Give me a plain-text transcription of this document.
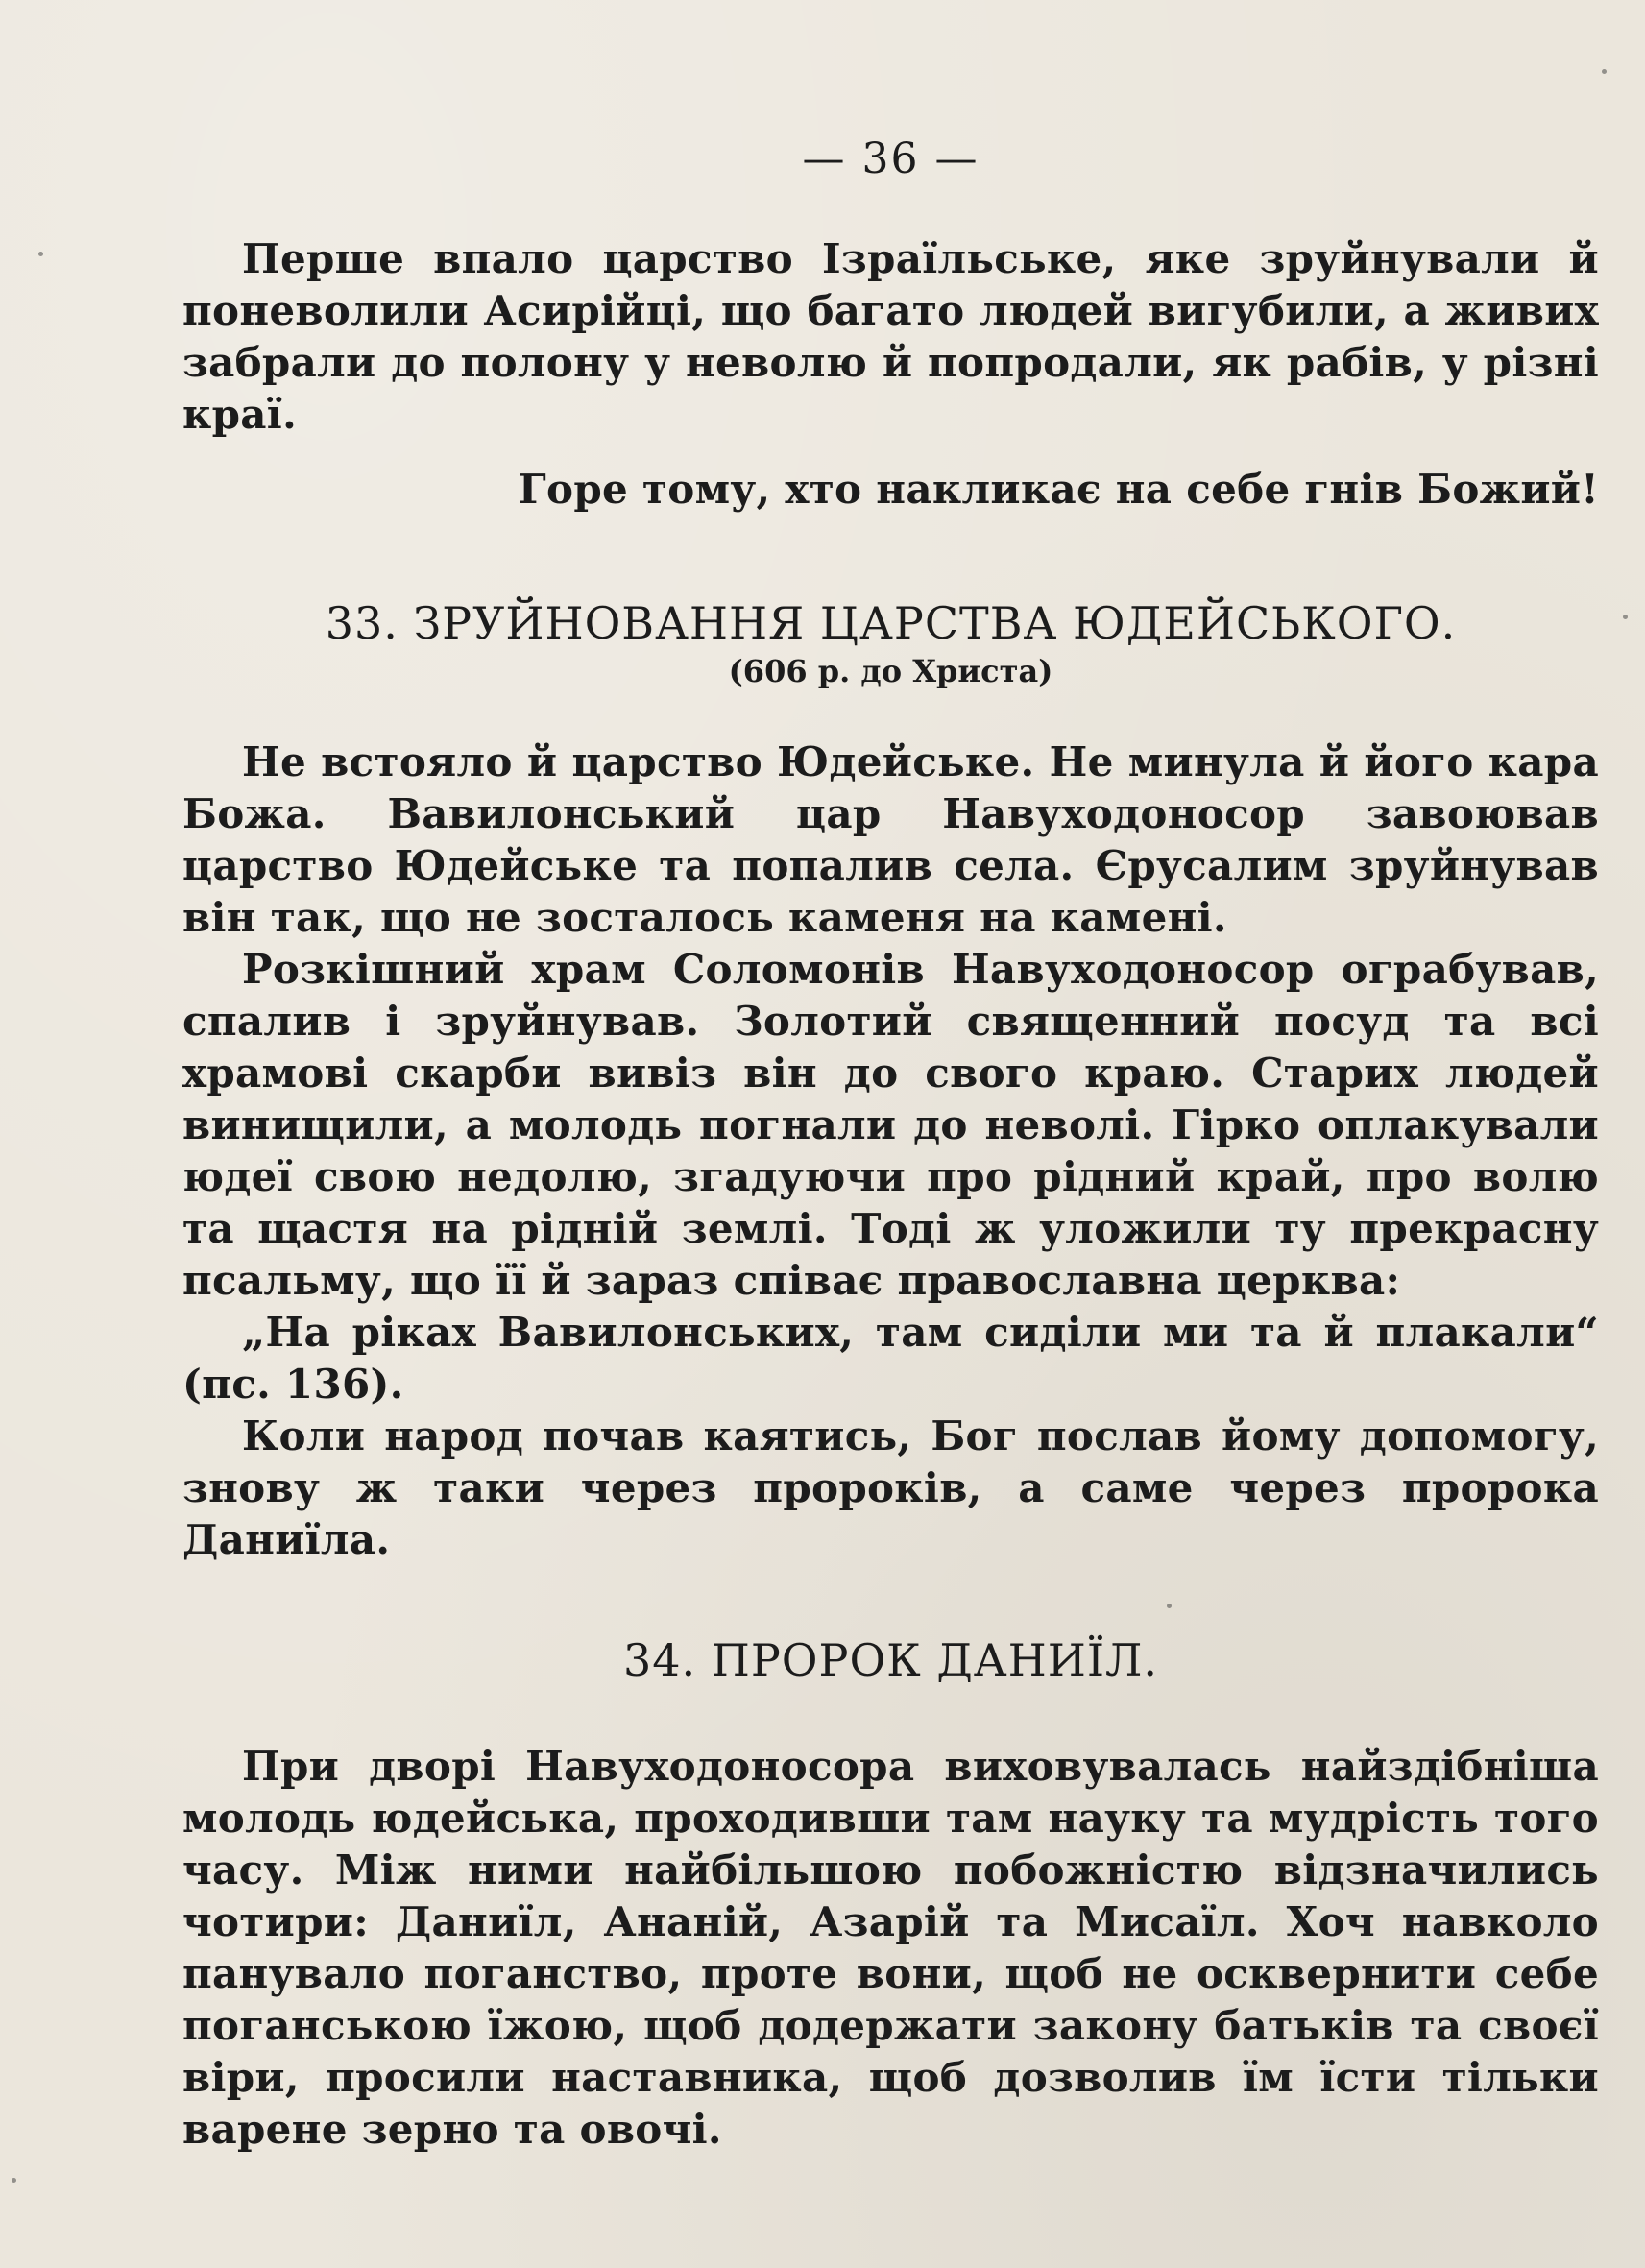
— 36 —

Перше впало царство Ізраїльське, яке зруйнували й поневолили Асирійці, що багато людей вигубили, а живих забрали до полону у неволю й попродали, як рабів, у різні краї.

Горе тому, хто накликає на себе гнів Божий!

33. ЗРУЙНОВАННЯ ЦАРСТВА ЮДЕЙСЬКОГО.
(606 р. до Христа)

Не встояло й царство Юдейське. Не минула й його кара Божа. Вавилонський цар Навуходоносор завоював царство Юдейське та попалив села. Єрусалим зруйнував він так, що не зосталось каменя на камені.

Розкішний храм Соломонів Навуходоносор ограбував, спалив і зруйнував. Золотий священний посуд та всі храмові скарби вивіз він до свого краю. Старих людей винищили, а молодь погнали до неволі. Гірко оплакували юдеї свою недолю, згадуючи про рідний край, про волю та щастя на рідній землі. Тоді ж уложили ту прекрасну псальму, що її й зараз співає православна церква:

„На ріках Вавилонських, там сиділи ми та й плакали“ (пс. 136).

Коли народ почав каятись, Бог послав йому допомогу, знову ж таки через пророків, а саме через пророка Даниїла.

34. ПРОРОК ДАНИЇЛ.

При дворі Навуходоносора виховувалась найздібніша молодь юдейська, проходивши там науку та мудрість того часу. Між ними найбільшою побожністю відзначились чотири: Даниїл, Ананій, Азарій та Мисаїл. Хоч навколо панувало поганство, проте вони, щоб не осквернити себе поганською їжою, щоб додержати закону батьків та своєї віри, просили наставника, щоб дозволив їм їсти тільки варене зерно та овочі.
